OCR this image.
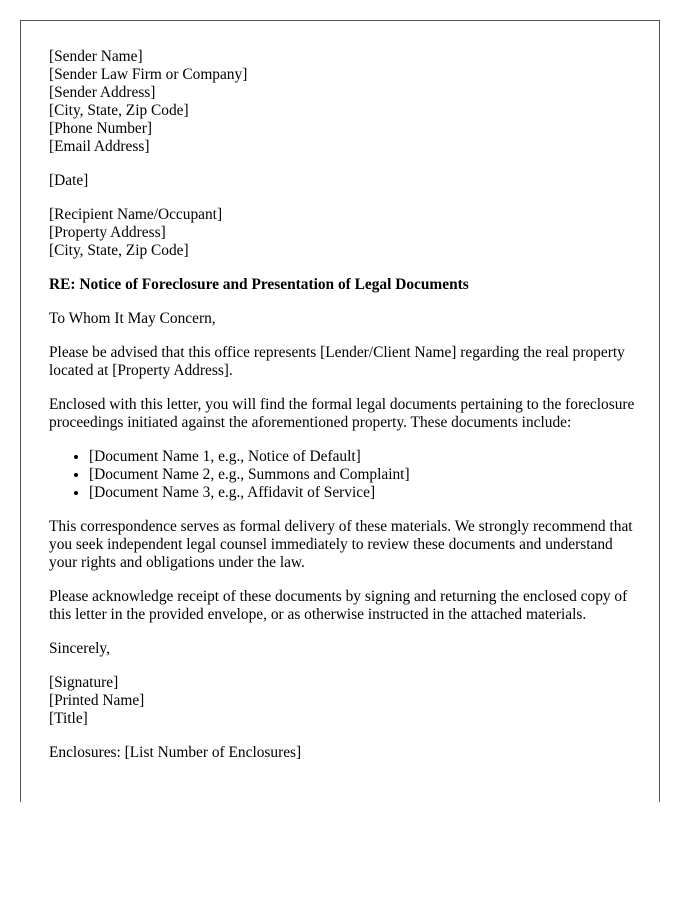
[Sender Name]
[Sender Law Firm or Company]
[Sender Address]
[City, State, Zip Code]
[Phone Number]
[Email Address]
[Date]
[Recipient Name/Occupant]
[Property Address]
[City, State, Zip Code]
RE: Notice of Foreclosure and Presentation of Legal Documents
To Whom It May Concern,

Please be advised that this office represents [Lender/Client Name] regarding the real property located at [Property Address].

Enclosed with this letter, you will find the formal legal documents pertaining to the foreclosure proceedings initiated against the aforementioned property. These documents include:

• [Document Name 1, e.g., Notice of Default]
• [Document Name 2, e.g., Summons and Complaint]
• [Document Name 3, e.g., Affidavit of Service]

This correspondence serves as formal delivery of these materials. We strongly recommend that you seek independent legal counsel immediately to review these documents and understand your rights and obligations under the law.

Please acknowledge receipt of these documents by signing and returning the enclosed copy of this letter in the provided envelope, or as otherwise instructed in the attached materials.

Sincerely,
[Signature]
[Printed Name]
[Title]
Enclosures: [List Number of Enclosures]
